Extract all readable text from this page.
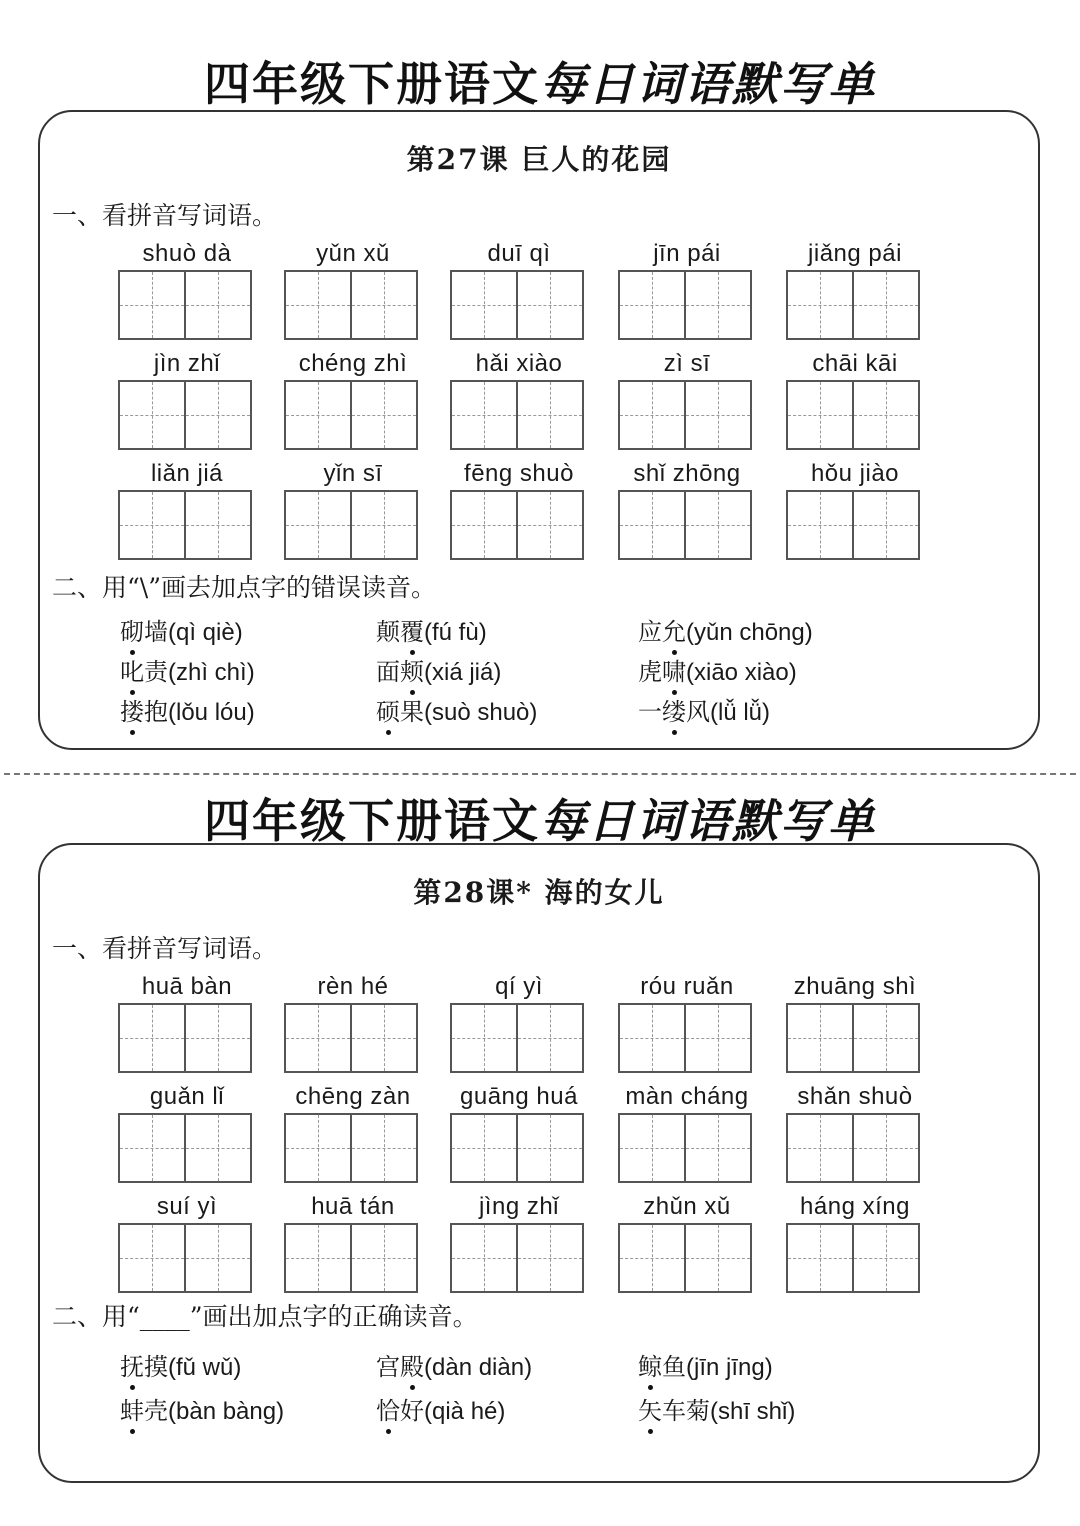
四年级下册语文每日词语默写单
第27课 巨人的花园
一、看拼音写词语。
shuò dà	yǔn xǔ	duī qì	jīn pái	jiǎng pái
jìn zhǐ	chéng zhì	hǎi xiào	zì sī	chāi kāi
liǎn jiá	yǐn sī	fēng shuò	shǐ zhōng	hǒu jiào
二、用“\”画去加点字的错误读音。
砌墙(qì qiè)	颠覆(fú fù)	应允(yǔn chōng)
叱责(zhì chì)	面颊(xiá jiá)	虎啸(xiāo xiào)
搂抱(lǒu lóu)	硕果(suò shuò)	一缕风(lǚ lǚ)
四年级下册语文每日词语默写单
第28课* 海的女儿
一、看拼音写词语。
huā bàn	rèn hé	qí yì	róu ruǎn	zhuāng shì
guǎn lǐ	chēng zàn	guāng huá	màn cháng	shǎn shuò
suí yì	huā tán	jìng zhǐ	zhǔn xǔ	háng xíng
二、用“____”画出加点字的正确读音。
抚摸(fǔ wǔ)	宫殿(dàn diàn)	鲸鱼(jīn jīng)
蚌壳(bàn bàng)	恰好(qià hé)	矢车菊(shī shǐ)
